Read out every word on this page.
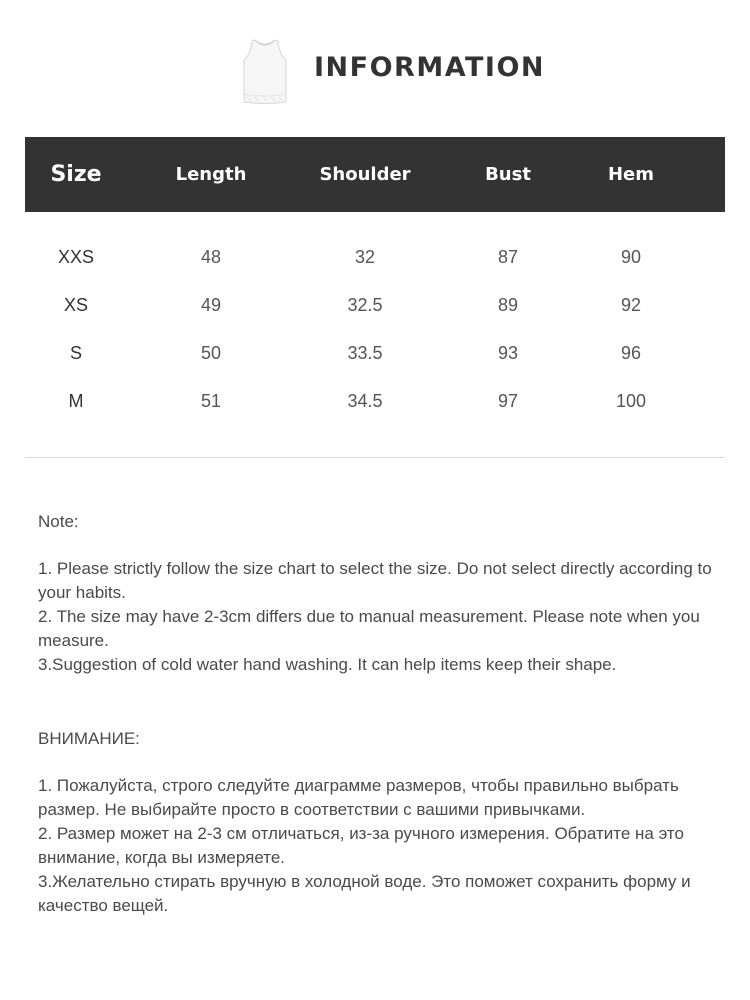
INFORMATION
Size	Length	Shoulder	Bust	Hem
XXS	48	32	87	90
XS	49	32.5	89	92
S	50	33.5	93	96
M	51	34.5	97	100
Note:

1. Please strictly follow the size chart to select the size. Do not select directly according to your habits.

2. The size may have 2-3cm differs due to manual measurement. Please note when you measure.

3.Suggestion of cold water hand washing. It can help items keep their shape.

ВНИМАНИЕ:

1. Пожалуйста, строго следуйте диаграмме размеров, чтобы правильно выбрать размер. Не выбирайте просто в соответствии с вашими привычками.

2. Размер может на 2-3 см отличаться, из-за ручного измерения. Обратите на это внимание, когда вы измеряете.

3.Желательно стирать вручную в холодной воде. Это поможет сохранить форму и качество вещей.
